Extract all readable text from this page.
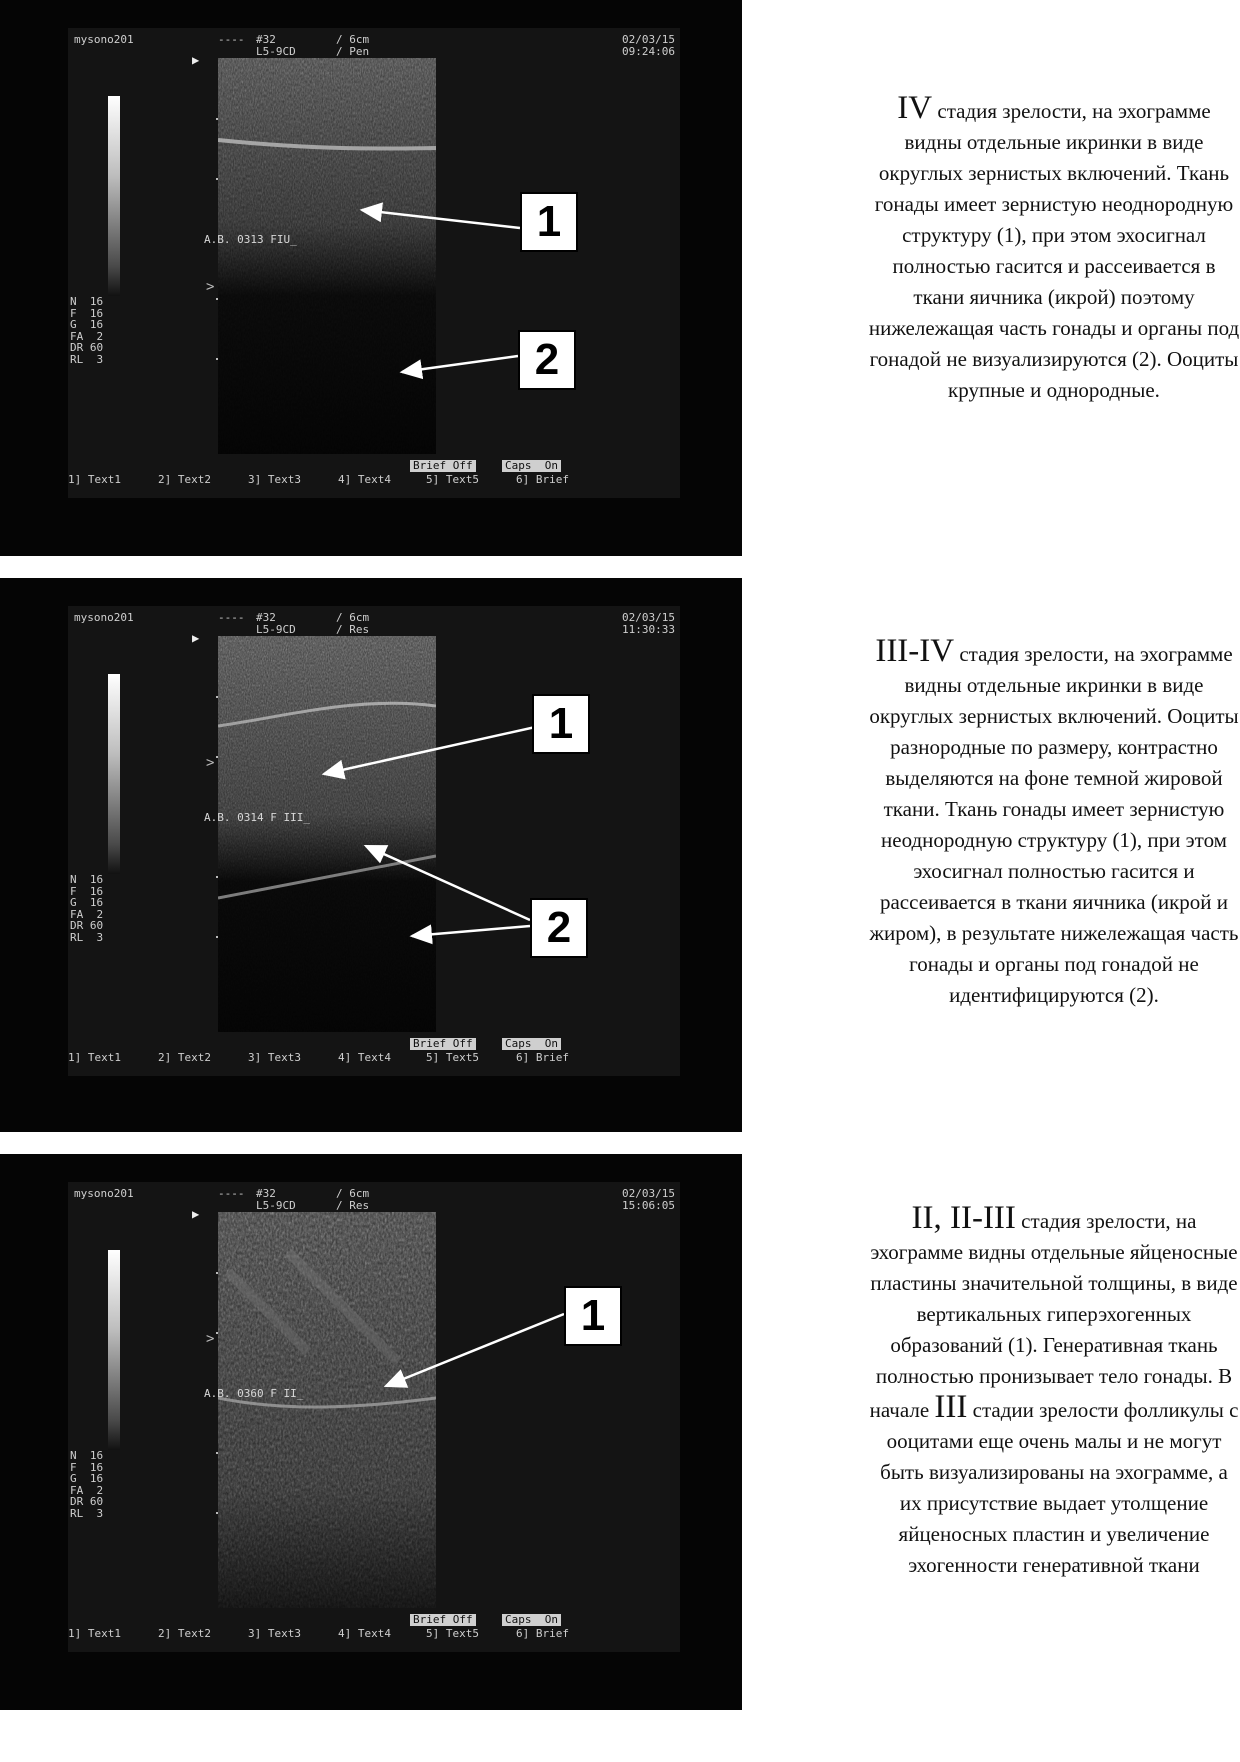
mysono201	---- #32
L5-9CD
/ 6cm
/ Pen
02/03/15
09:24:06
N  16
F  16
G  16
FA  2
DR 60
RL  3
▶
>
A.B. 0313 FIU_
Brief Off	Caps  On
1] Text1	2] Text2	3] Text3	4] Text4	5] Text5	6] Brief
1
2
IV стадия зрелости, на эхограмме видны отдельные икринки в виде округлых зернистых включений. Ткань гонады имеет зернистую неоднородную структуру (1), при этом эхосигнал полностью гасится и рассеивается в ткани яичника (икрой) поэтому нижележащая часть гонады и органы под гонадой не визуализируются (2). Ооциты крупные и однородные.
mysono201	---- #32
L5-9CD
/ 6cm
/ Res
02/03/15
11:30:33
N  16
F  16
G  16
FA  2
DR 60
RL  3
▶
>
A.B. 0314 F III_
Brief Off	Caps  On
1] Text1	2] Text2	3] Text3	4] Text4	5] Text5	6] Brief
1
2
III-IV стадия зрелости, на эхограмме видны отдельные икринки в виде округлых зернистых включений. Ооциты разнородные по размеру, контрастно выделяются на фоне темной жировой ткани. Ткань гонады имеет зернистую неоднородную структуру (1), при этом эхосигнал полностью гасится и рассеивается в ткани яичника (икрой и жиром), в результате нижележащая часть гонады и органы под гонадой не идентифицируются (2).
mysono201	---- #32
L5-9CD
/ 6cm
/ Res
02/03/15
15:06:05
N  16
F  16
G  16
FA  2
DR 60
RL  3
▶
>
A.B. 0360 F II_
Brief Off	Caps  On
1] Text1	2] Text2	3] Text3	4] Text4	5] Text5	6] Brief
1
II, II-III стадия зрелости, на эхограмме видны отдельные яйценосные пластины значительной толщины, в виде вертикальных гиперэхогенных образований (1). Генеративная ткань полностью пронизывает тело гонады. В начале III стадии зрелости фолликулы с ооцитами еще очень малы и не могут быть визуализированы на эхограмме, а их присутствие выдает утолщение яйценосных пластин и увеличение эхогенности генеративной ткани
